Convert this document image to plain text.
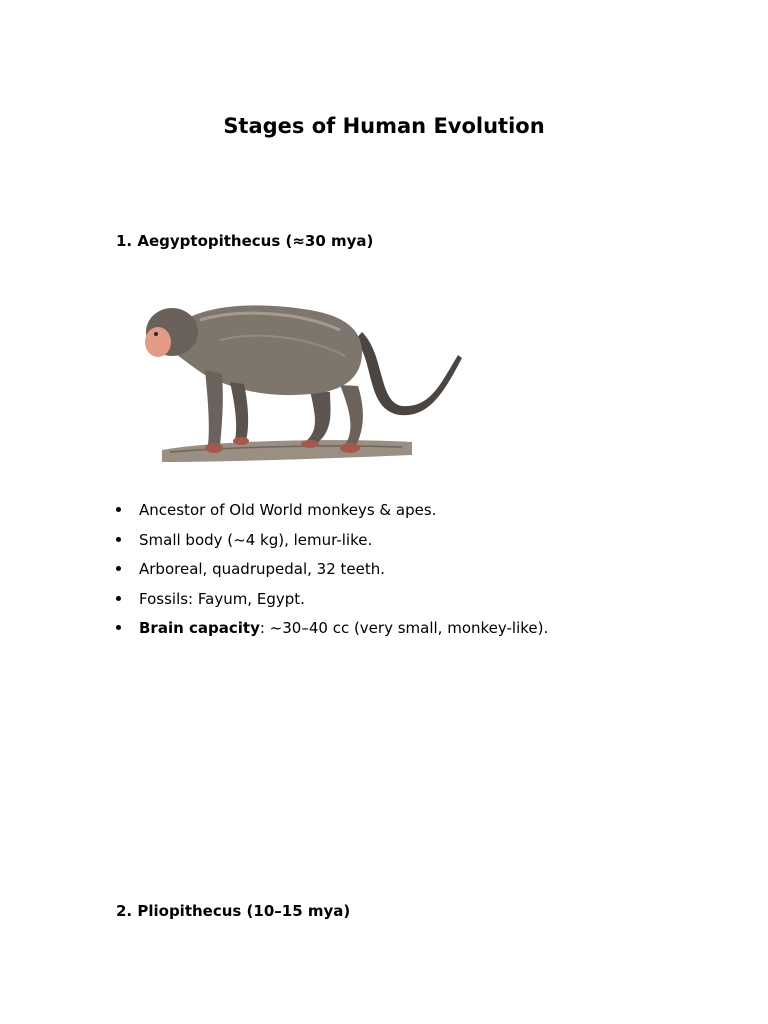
Stages of Human Evolution
1. Aegyptopithecus (≈30 mya)
Ancestor of Old World monkeys & apes.
Small body (~4 kg), lemur-like.
Arboreal, quadrupedal, 32 teeth.
Fossils: Fayum, Egypt.
Brain capacity: ~30–40 cc (very small, monkey-like).
2. Pliopithecus (10–15 mya)
